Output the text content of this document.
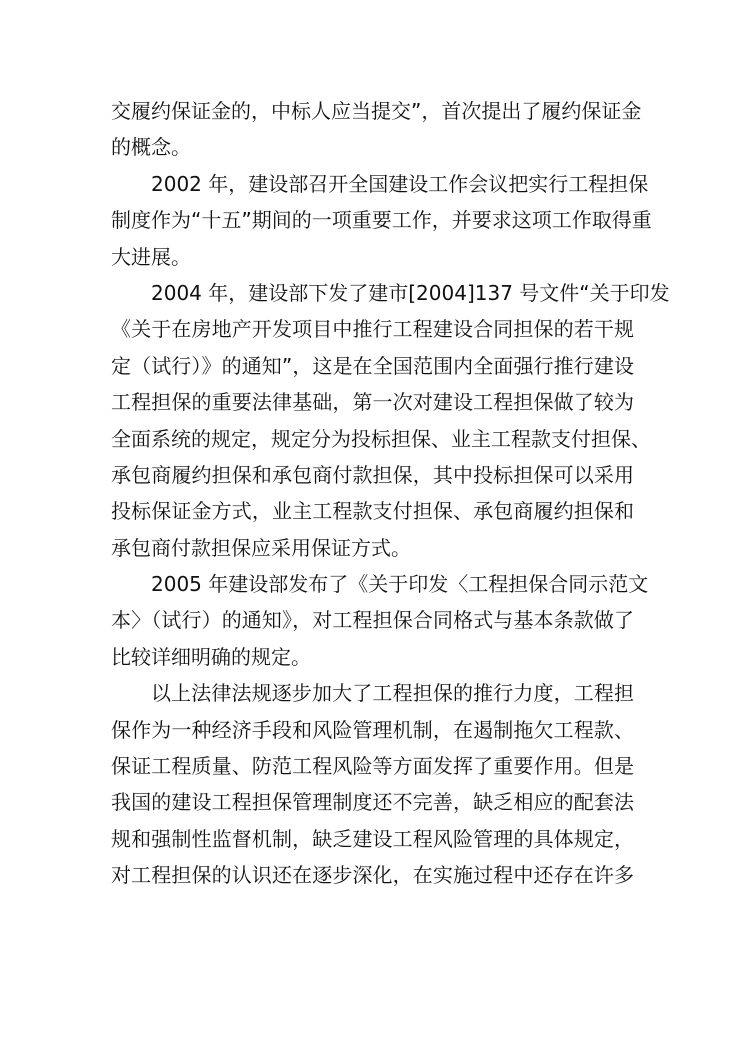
交履约保证金的，中标人应当提交”，首次提出了履约保证金
的概念。
2002 年，建设部召开全国建设工作会议把实行工程担保
制度作为“十五”期间的一项重要工作，并要求这项工作取得重
大进展。
2004 年，建设部下发了建市[2004]137 号文件“关于印发
《关于在房地产开发项目中推行工程建设合同担保的若干规
定（试行）》的通知”，这是在全国范围内全面强行推行建设
工程担保的重要法律基础，第一次对建设工程担保做了较为
全面系统的规定，规定分为投标担保、业主工程款支付担保、
承包商履约担保和承包商付款担保，其中投标担保可以采用
投标保证金方式，业主工程款支付担保、承包商履约担保和
承包商付款担保应采用保证方式。
2005 年建设部发布了《关于印发〈工程担保合同示范文
本〉（试行）的通知》，对工程担保合同格式与基本条款做了
比较详细明确的规定。
以上法律法规逐步加大了工程担保的推行力度，工程担
保作为一种经济手段和风险管理机制，在遏制拖欠工程款、
保证工程质量、防范工程风险等方面发挥了重要作用。但是
我国的建设工程担保管理制度还不完善，缺乏相应的配套法
规和强制性监督机制，缺乏建设工程风险管理的具体规定，
对工程担保的认识还在逐步深化，在实施过程中还存在许多
